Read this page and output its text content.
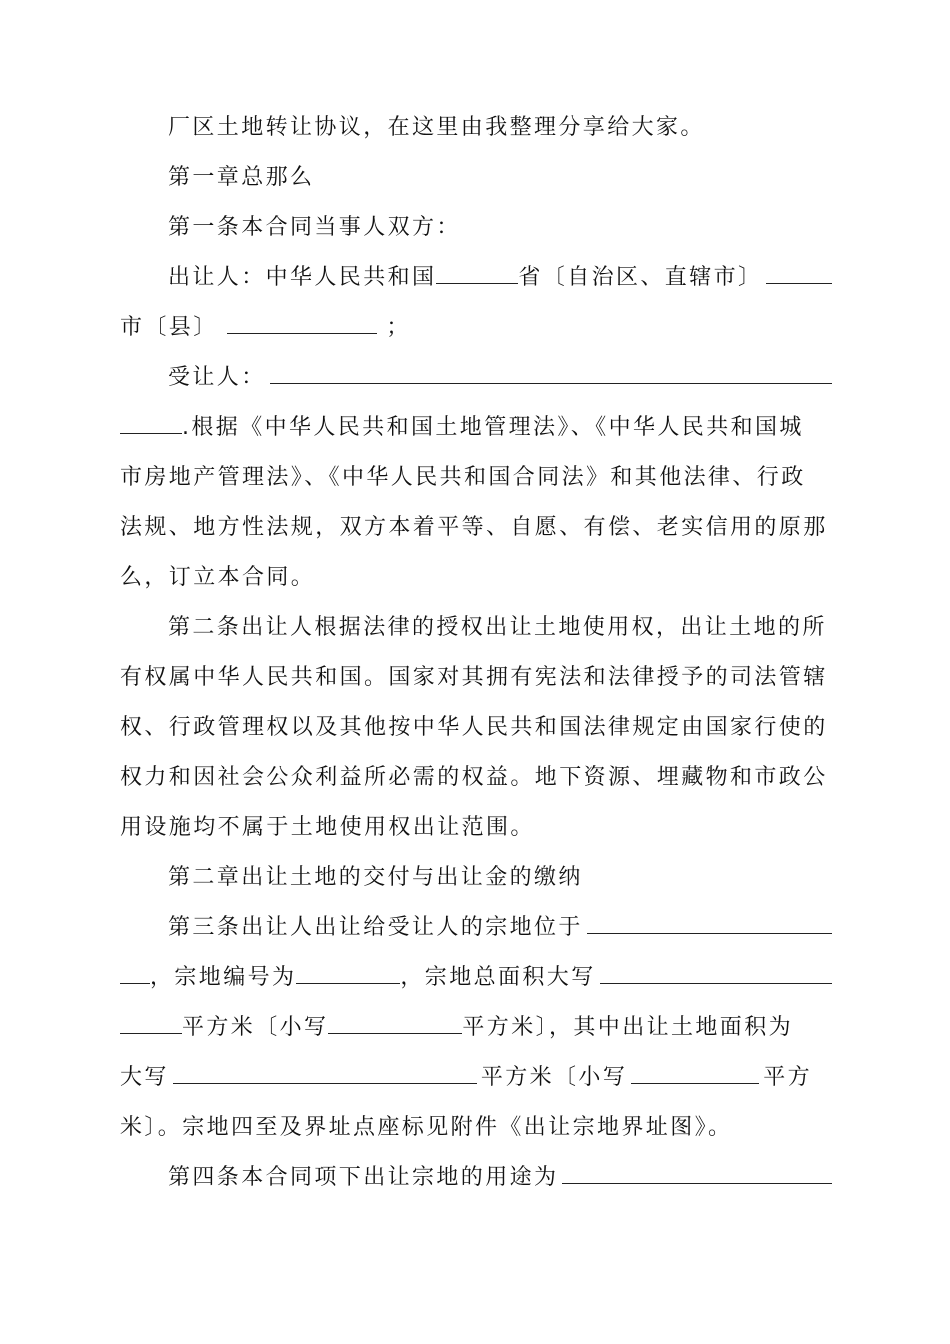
厂区土地转让协议，在这里由我整理分享给大家。
第一章总那么
第一条本合同当事人双方：
出让人：中华人民共和国	省〔自治区、直辖市〕
市〔县〕	；
受让人：
.根据《中华人民共和国土地管理法》、《中华人民共和国城
市房地产管理法》、《中华人民共和国合同法》和其他法律、行政
法规、地方性法规，双方本着平等、自愿、有偿、老实信用的原那
么，订立本合同。
第二条出让人根据法律的授权出让土地使用权，出让土地的所
有权属中华人民共和国。国家对其拥有宪法和法律授予的司法管辖
权、行政管理权以及其他按中华人民共和国法律规定由国家行使的
权力和因社会公众利益所必需的权益。地下资源、埋藏物和市政公
用设施均不属于土地使用权出让范围。
第二章出让土地的交付与出让金的缴纳
第三条出让人出让给受让人的宗地位于
，宗地编号为	，宗地总面积大写
平方米〔小写	平方米〕，其中出让土地面积为
大写	平方米〔小写	平方
米〕。宗地四至及界址点座标见附件《出让宗地界址图》。
第四条本合同项下出让宗地的用途为
